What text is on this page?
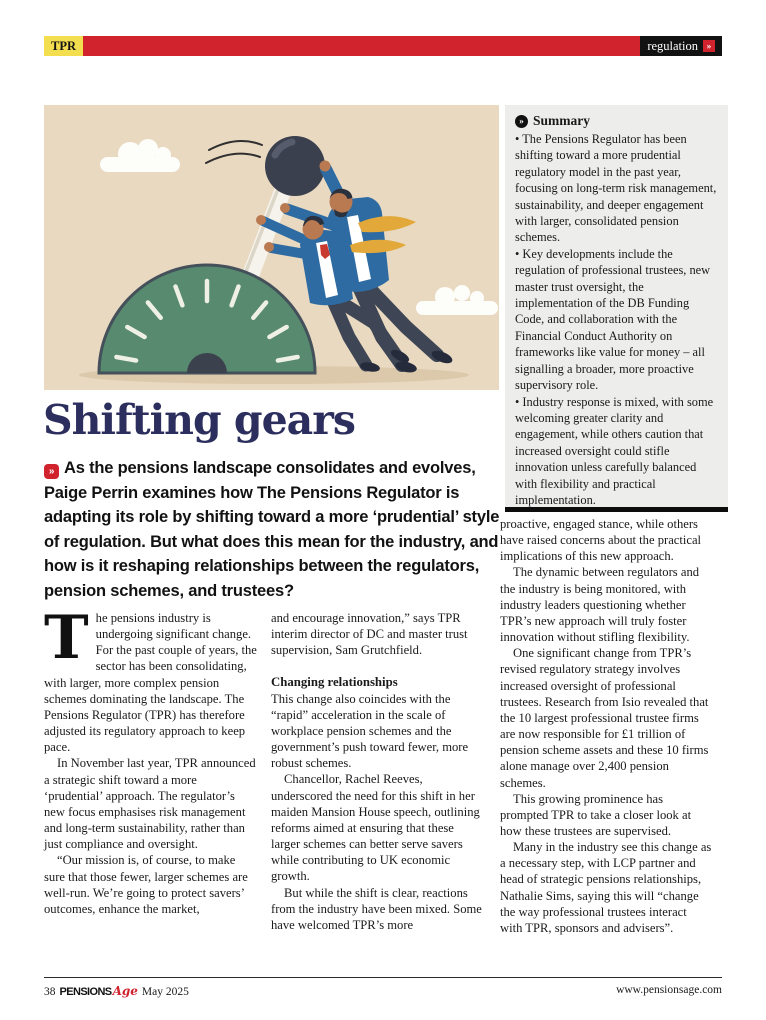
TPR	regulation »
» Summary

• The Pensions Regulator has been shifting toward a more prudential regulatory model in the past year, focusing on long-term risk management, sustainability, and deeper engagement with larger, consolidated pension schemes.

• Key developments include the regulation of professional trustees, new master trust oversight, the implementation of the DB Funding Code, and collaboration with the Financial Conduct Authority on frameworks like value for money – all signalling a broader, more proactive supervisory role.

• Industry response is mixed, with some welcoming greater clarity and engagement, while others caution that increased oversight could stifle innovation unless carefully balanced with flexibility and practical implementation.

Shifting gears

» As the pensions landscape consolidates and evolves, Paige Perrin examines how The Pensions Regulator is adapting its role by shifting toward a more ‘prudential’ style of regulation. But what does this mean for the industry, and how is it reshaping relationships between the regulators, pension schemes, and trustees?

The pensions industry is undergoing significant change. For the past couple of years, the sector has been consolidating, with larger, more complex pension schemes dominating the landscape. The Pensions Regulator (TPR) has therefore adjusted its regulatory approach to keep pace.

In November last year, TPR announced a strategic shift toward a more ‘prudential’ approach. The regulator’s new focus emphasises risk management and long-term sustainability, rather than just compliance and oversight.

“Our mission is, of course, to make sure that those fewer, larger schemes are well-run. We’re going to protect savers’ outcomes, enhance the market,

and encourage innovation,” says TPR interim director of DC and master trust supervision, Sam Grutchfield.

Changing relationships

This change also coincides with the “rapid” acceleration in the scale of workplace pension schemes and the government’s push toward fewer, more robust schemes.

Chancellor, Rachel Reeves, underscored the need for this shift in her maiden Mansion House speech, outlining reforms aimed at ensuring that these larger schemes can better serve savers while contributing to UK economic growth.

But while the shift is clear, reactions from the industry have been mixed. Some have welcomed TPR’s more

proactive, engaged stance, while others have raised concerns about the practical implications of this new approach.

The dynamic between regulators and the industry is being monitored, with industry leaders questioning whether TPR’s new approach will truly foster innovation without stifling flexibility.

One significant change from TPR’s revised regulatory strategy involves increased oversight of professional trustees. Research from Isio revealed that the 10 largest professional trustee firms are now responsible for £1 trillion of pension scheme assets and these 10 firms alone manage over 2,400 pension schemes.

This growing prominence has prompted TPR to take a closer look at how these trustees are supervised.

Many in the industry see this change as a necessary step, with LCP partner and head of strategic pensions relationships, Nathalie Sims, saying this will “change the way professional trustees interact with TPR, sponsors and advisers”.

38 PENSIONS Age May 2025	www.pensionsage.com
